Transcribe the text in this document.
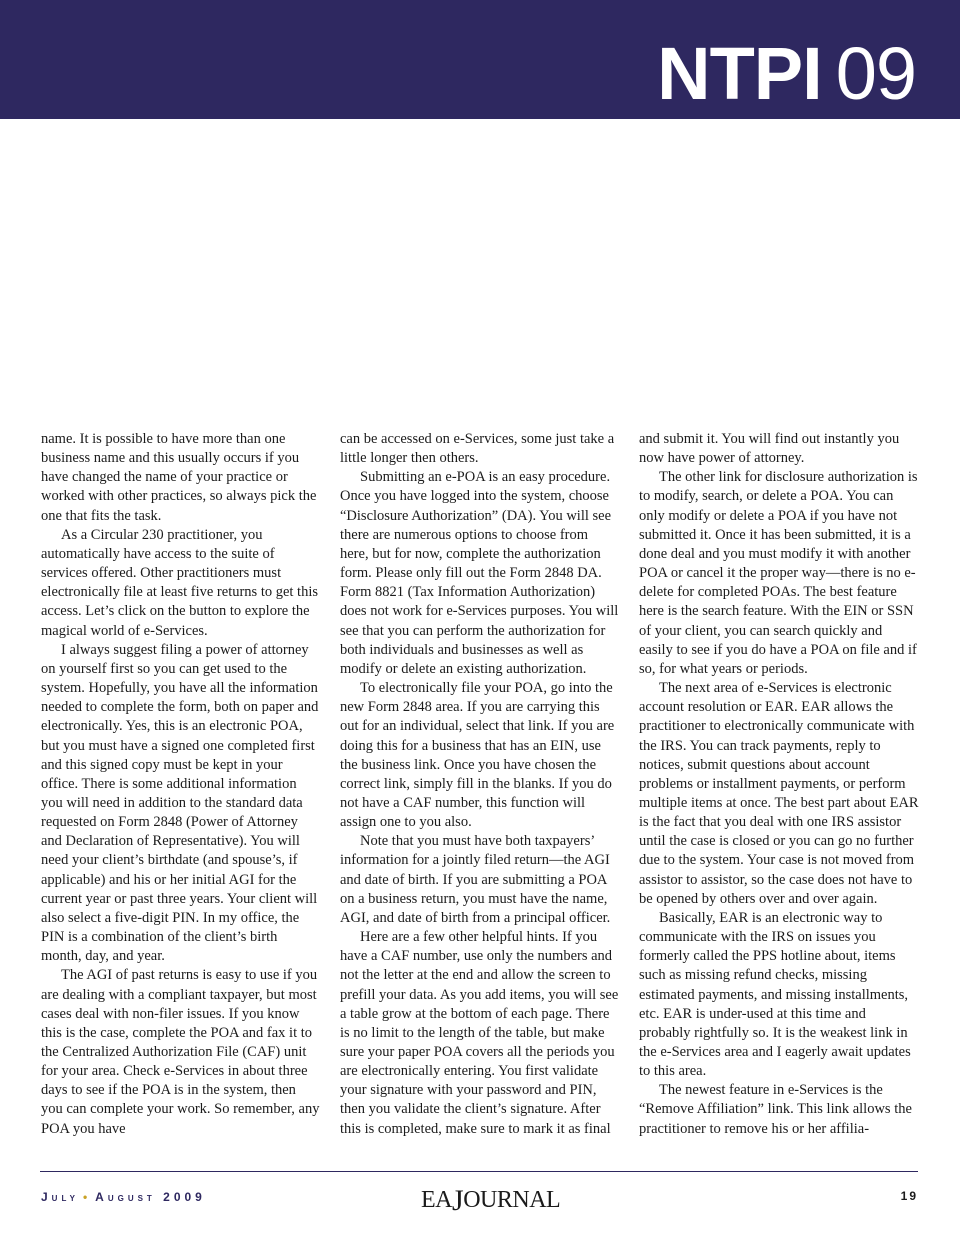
NTPI 09

name. It is possible to have more than one business name and this usually occurs if you have changed the name of your practice or worked with other practices, so always pick the one that fits the task.

As a Circular 230 practitioner, you automatically have access to the suite of services offered. Other practitioners must electronically file at least five returns to get this access. Let’s click on the button to explore the magical world of e-Services.

I always suggest filing a power of attorney on yourself first so you can get used to the system. Hopefully, you have all the information needed to complete the form, both on paper and electronically. Yes, this is an electronic POA, but you must have a signed one completed first and this signed copy must be kept in your office. There is some additional information you will need in addition to the standard data requested on Form 2848 (Power of Attorney and Declaration of Representative). You will need your client’s birthdate (and spouse’s, if applicable) and his or her initial AGI for the current year or past three years. Your client will also select a five-digit PIN. In my office, the PIN is a combination of the client’s birth month, day, and year.

The AGI of past returns is easy to use if you are dealing with a compliant taxpayer, but most cases deal with non-filer issues. If you know this is the case, complete the POA and fax it to the Centralized Authorization File (CAF) unit for your area. Check e-Services in about three days to see if the POA is in the system, then you can complete your work. So remember, any POA you have

can be accessed on e-Services, some just take a little longer then others.

Submitting an e-POA is an easy procedure. Once you have logged into the system, choose “Disclosure Authorization” (DA). You will see there are numerous options to choose from here, but for now, complete the authorization form. Please only fill out the Form 2848 DA. Form 8821 (Tax Information Authorization) does not work for e-Services purposes. You will see that you can perform the authorization for both individuals and businesses as well as modify or delete an existing authorization.

To electronically file your POA, go into the new Form 2848 area. If you are carrying this out for an individual, select that link. If you are doing this for a business that has an EIN, use the business link. Once you have chosen the correct link, simply fill in the blanks. If you do not have a CAF number, this function will assign one to you also.

Note that you must have both taxpayers’ information for a jointly filed return—the AGI and date of birth. If you are submitting a POA on a business return, you must have the name, AGI, and date of birth from a principal officer.

Here are a few other helpful hints. If you have a CAF number, use only the numbers and not the letter at the end and allow the screen to prefill your data. As you add items, you will see a table grow at the bottom of each page. There is no limit to the length of the table, but make sure your paper POA covers all the periods you are electronically entering. You first validate your signature with your password and PIN, then you validate the client’s signature. After this is completed, make sure to mark it as final

and submit it. You will find out instantly you now have power of attorney.

The other link for disclosure authorization is to modify, search, or delete a POA. You can only modify or delete a POA if you have not submitted it. Once it has been submitted, it is a done deal and you must modify it with another POA or cancel it the proper way—there is no e-delete for completed POAs. The best feature here is the search feature. With the EIN or SSN of your client, you can search quickly and easily to see if you do have a POA on file and if so, for what years or periods.

The next area of e-Services is electronic account resolution or EAR. EAR allows the practitioner to electronically communicate with the IRS. You can track payments, reply to notices, submit questions about account problems or installment payments, or perform multiple items at once. The best part about EAR is the fact that you deal with one IRS assistor until the case is closed or you can go no further due to the system. Your case is not moved from assistor to assistor, so the case does not have to be opened by others over and over again.

Basically, EAR is an electronic way to communicate with the IRS on issues you formerly called the PPS hotline about, items such as missing refund checks, missing estimated payments, and missing installments, etc. EAR is under-used at this time and probably rightfully so. It is the weakest link in the e-Services area and I eagerly await updates to this area.

The newest feature in e-Services is the “Remove Affiliation” link. This link allows the practitioner to remove his or her affilia-

July • August 2009	EAJOURNAL	19
